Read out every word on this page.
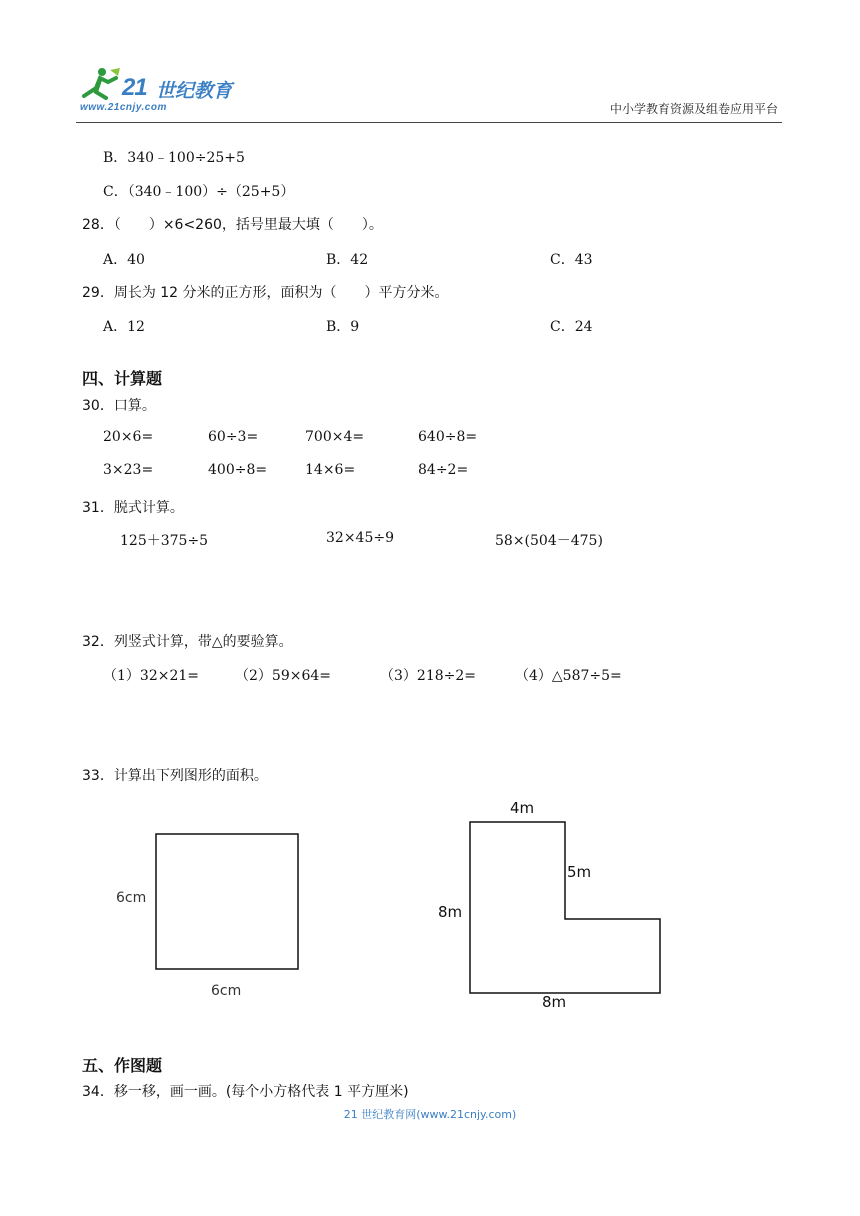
21 世纪教育
www.21cnjy.com	中小学教育资源及组卷应用平台
B．340﹣100÷25+5
C．（340﹣100）÷（25+5）
28．（　　）×6<260，括号里最大填（　　）。
A．40	B．42	C．43
29．周长为 12 分米的正方形，面积为（　　）平方分米。
A．12	B．9	C．24
四、计算题
30．口算。
20×6=	60÷3=	700×4=	640÷8=
3×23=	400÷8=	14×6=	84÷2=
31．脱式计算。
125＋375÷5	32×45÷9	58×(504－475)
32．列竖式计算，带△的要验算。
（1）32×21=	（2）59×64=	（3）218÷2=	（4）△587÷5=
33．计算出下列图形的面积。
6cm
6cm
4m
5m
8m
8m
五、作图题
34．移一移，画一画。(每个小方格代表 1 平方厘米)
21 世纪教育网(www.21cnjy.com)
